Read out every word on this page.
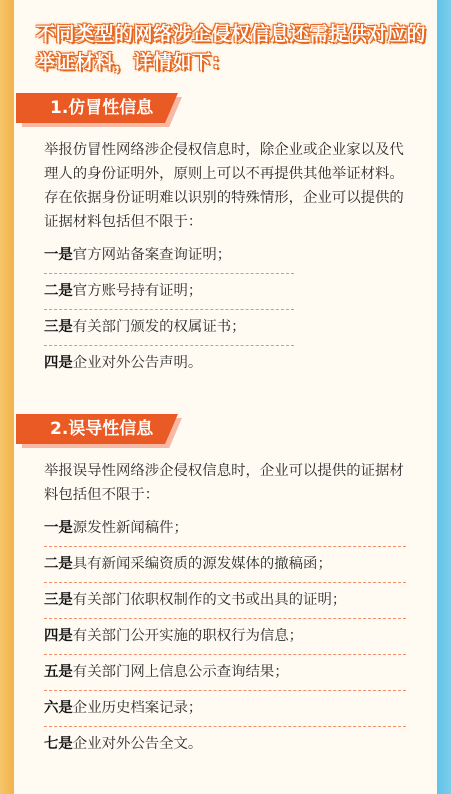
不同类型的网络涉企侵权信息还需提供对应的举证材料，详情如下：
1.仿冒性信息
举报仿冒性网络涉企侵权信息时，除企业或企业家以及代理人的身份证明外，原则上可以不再提供其他举证材料。存在依据身份证明难以识别的特殊情形，企业可以提供的证据材料包括但不限于：
一是官方网站备案查询证明；
二是官方账号持有证明；
三是有关部门颁发的权属证书；
四是企业对外公告声明。
2.误导性信息
举报误导性网络涉企侵权信息时，企业可以提供的证据材料包括但不限于：
一是源发性新闻稿件；
二是具有新闻采编资质的源发媒体的撤稿函；
三是有关部门依职权制作的文书或出具的证明；
四是有关部门公开实施的职权行为信息；
五是有关部门网上信息公示查询结果；
六是企业历史档案记录；
七是企业对外公告全文。
